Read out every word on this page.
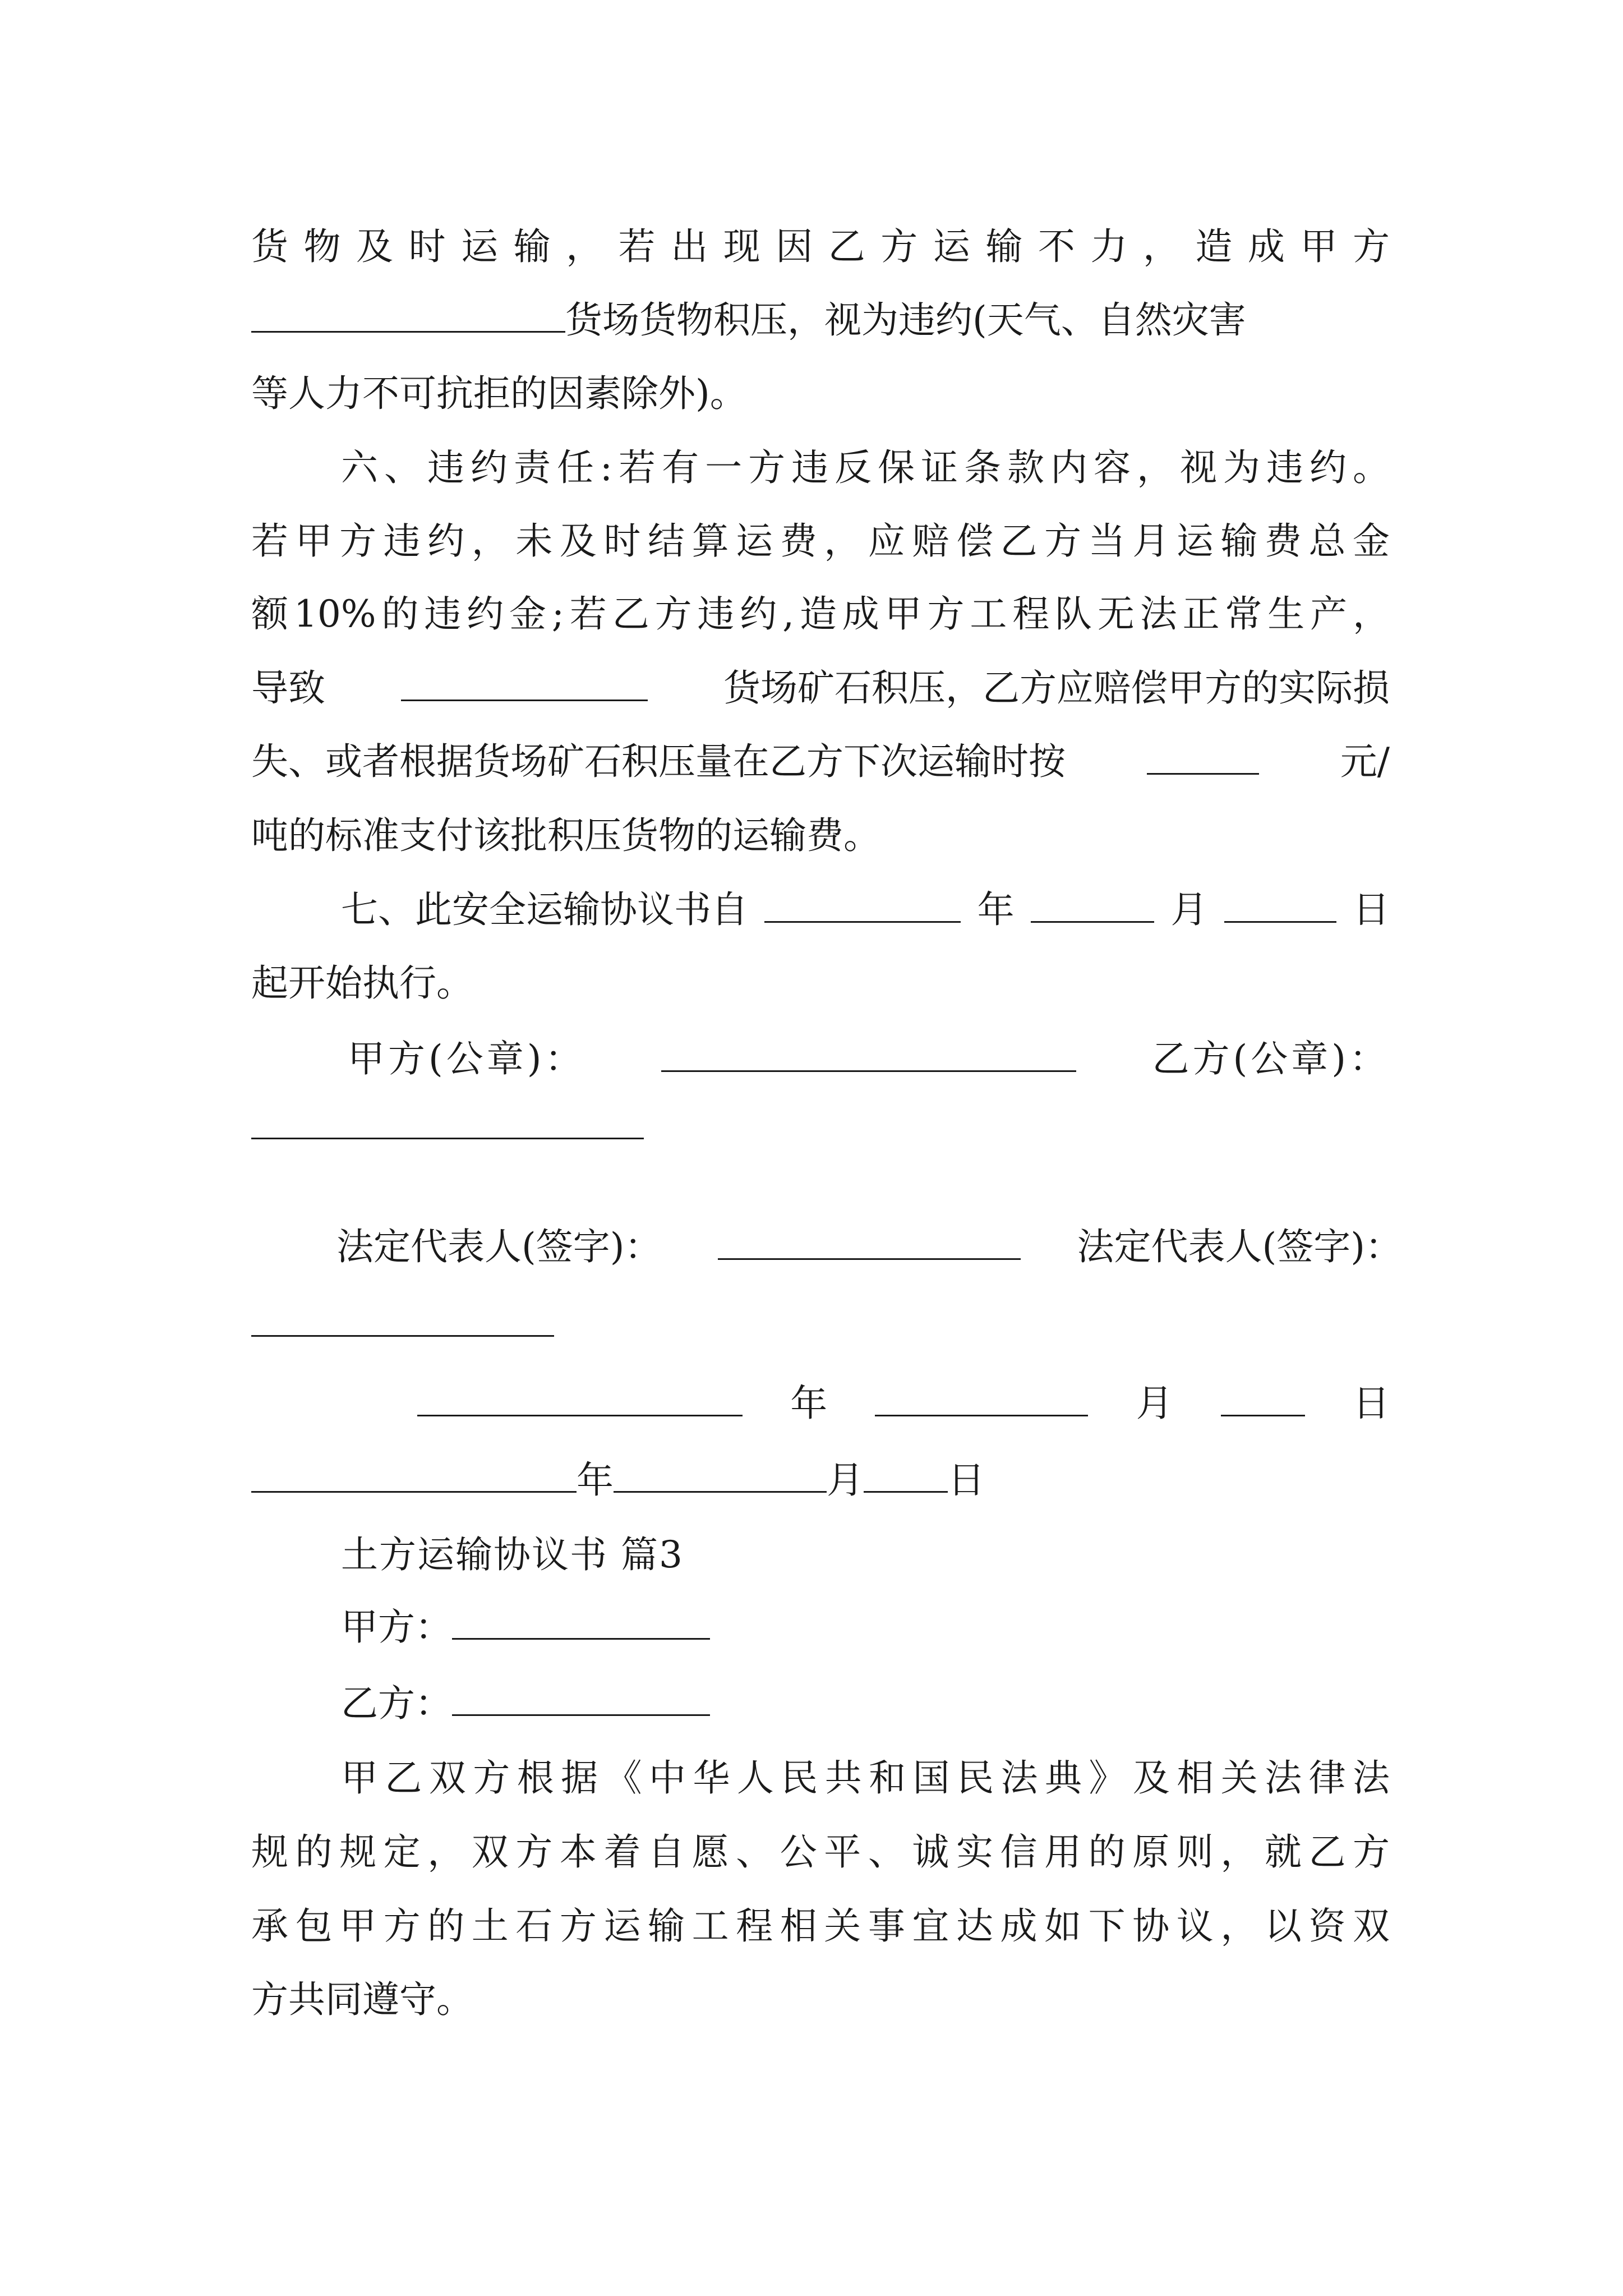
货物及时运输，若出现因乙方运输不力，造成甲方
货场货物积压，视为违约(天气、自然灾害
等人力不可抗拒的因素除外)。
六、违约责任:若有一方违反保证条款内容，视为违约。
若甲方违约，未及时结算运费，应赔偿乙方当月运输费总金
额10%的违约金;若乙方违约,造成甲方工程队无法正常生产，
导致	货场矿石积压，乙方应赔偿甲方的实际损
失、或者根据货场矿石积压量在乙方下次运输时按	元/
吨的标准支付该批积压货物的运输费。
七、此安全运输协议书自	年	月	日
起开始执行。
甲方(公章)：	乙方(公章)：
法定代表人(签字)：	法定代表人(签字)：
年	月	日
年	月 日
土方运输协议书 篇3
甲方：
乙方：
甲乙双方根据《中华人民共和国民法典》及相关法律法
规的规定，双方本着自愿、公平、诚实信用的原则，就乙方
承包甲方的土石方运输工程相关事宜达成如下协议，以资双
方共同遵守。
